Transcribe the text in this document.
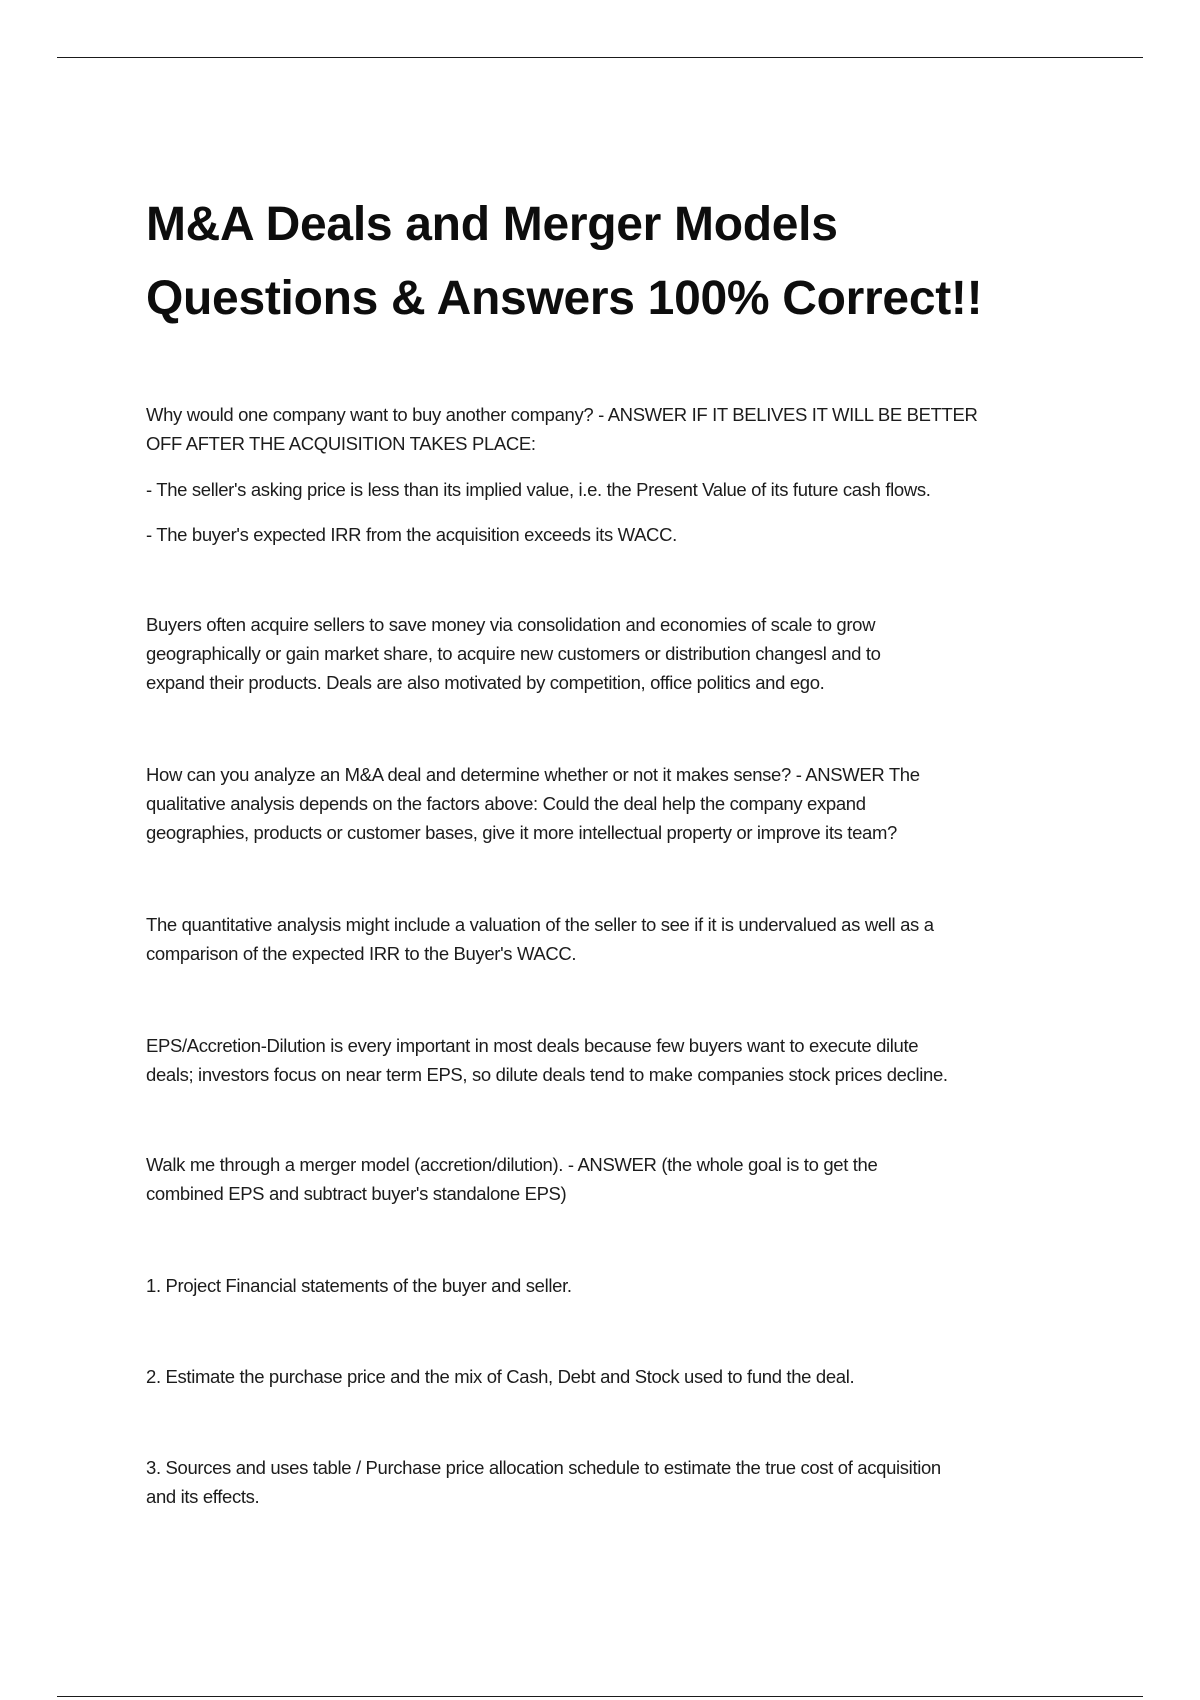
M&A Deals and Merger Models
Questions & Answers 100% Correct!!

Why would one company want to buy another company? - ANSWER IF IT BELIVES IT WILL BE BETTER
OFF AFTER THE ACQUISITION TAKES PLACE:

- The seller's asking price is less than its implied value, i.e. the Present Value of its future cash flows.

- The buyer's expected IRR from the acquisition exceeds its WACC.

Buyers often acquire sellers to save money via consolidation and economies of scale to grow
geographically or gain market share, to acquire new customers or distribution changesl and to
expand their products. Deals are also motivated by competition, office politics and ego.

How can you analyze an M&A deal and determine whether or not it makes sense? - ANSWER The
qualitative analysis depends on the factors above: Could the deal help the company expand
geographies, products or customer bases, give it more intellectual property or improve its team?

The quantitative analysis might include a valuation of the seller to see if it is undervalued as well as a
comparison of the expected IRR to the Buyer's WACC.

EPS/Accretion-Dilution is every important in most deals because few buyers want to execute dilute
deals; investors focus on near term EPS, so dilute deals tend to make companies stock prices decline.

Walk me through a merger model (accretion/dilution). - ANSWER (the whole goal is to get the
combined EPS and subtract buyer's standalone EPS)

1. Project Financial statements of the buyer and seller.

2. Estimate the purchase price and the mix of Cash, Debt and Stock used to fund the deal.

3. Sources and uses table / Purchase price allocation schedule to estimate the true cost of acquisition
and its effects.
